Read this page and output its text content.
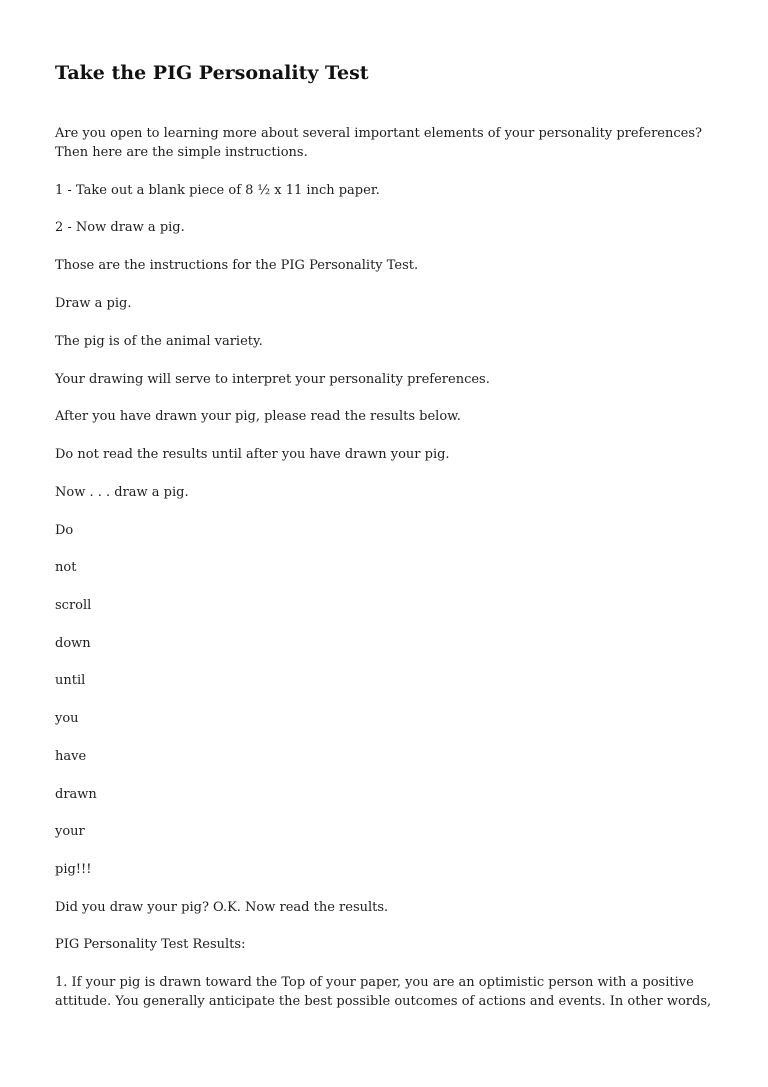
Take the PIG Personality Test

Are you open to learning more about several important elements of your personality preferences? Then here are the simple instructions.

1 - Take out a blank piece of 8 ½ x 11 inch paper.

2 - Now draw a pig.

Those are the instructions for the PIG Personality Test.

Draw a pig.

The pig is of the animal variety.

Your drawing will serve to interpret your personality preferences.

After you have drawn your pig, please read the results below.

Do not read the results until after you have drawn your pig.

Now . . . draw a pig.

Do

not

scroll

down

until

you

have

drawn

your

pig!!!

Did you draw your pig? O.K. Now read the results.

PIG Personality Test Results:

1. If your pig is drawn toward the Top of your paper, you are an optimistic person with a positive attitude. You generally anticipate the best possible outcomes of actions and events. In other words,
